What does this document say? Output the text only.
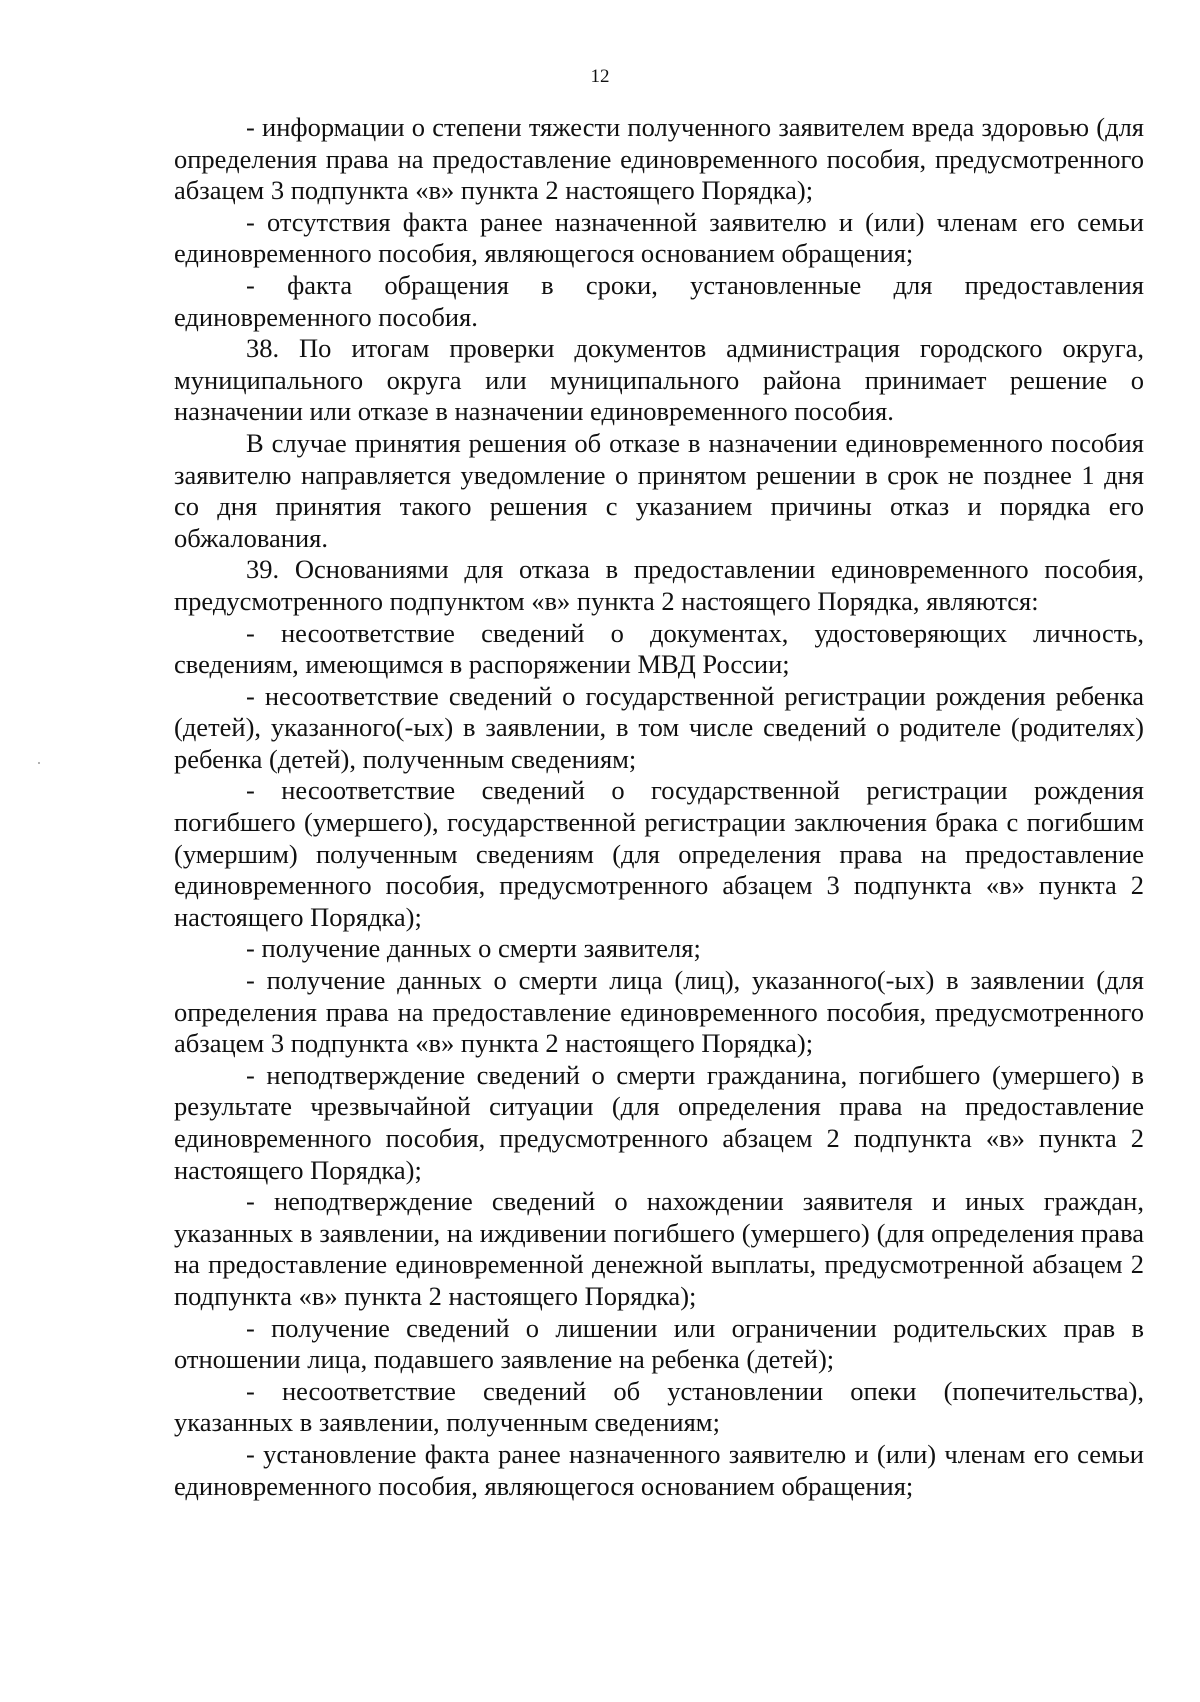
12

- информации о степени тяжести полученного заявителем вреда здоровью (для определения права на предоставление единовременного пособия, предусмотренного абзацем 3 подпункта «в» пункта 2 настоящего Порядка);

- отсутствия факта ранее назначенной заявителю и (или) членам его семьи единовременного пособия, являющегося основанием обращения;

- факта обращения в сроки, установленные для предоставления единовременного пособия.

38. По итогам проверки документов администрация городского округа, муниципального округа или муниципального района принимает решение о назначении или отказе в назначении единовременного пособия.

В случае принятия решения об отказе в назначении единовременного пособия заявителю направляется уведомление о принятом решении в срок не позднее 1 дня со дня принятия такого решения с указанием причины отказ и порядка его обжалования.

39. Основаниями для отказа в предоставлении единовременного пособия, предусмотренного подпунктом «в» пункта 2 настоящего Порядка, являются:

- несоответствие сведений о документах, удостоверяющих личность, сведениям, имеющимся в распоряжении МВД России;

- несоответствие сведений о государственной регистрации рождения ребенка (детей), указанного(-ых) в заявлении, в том числе сведений о родителе (родителях) ребенка (детей), полученным сведениям;

- несоответствие сведений о государственной регистрации рождения погибшего (умершего), государственной регистрации заключения брака с погибшим (умершим) полученным сведениям (для определения права на предоставление единовременного пособия, предусмотренного абзацем 3 подпункта «в» пункта 2 настоящего Порядка);

- получение данных о смерти заявителя;

- получение данных о смерти лица (лиц), указанного(-ых) в заявлении (для определения права на предоставление единовременного пособия, предусмотренного абзацем 3 подпункта «в» пункта 2 настоящего Порядка);

- неподтверждение сведений о смерти гражданина, погибшего (умершего) в результате чрезвычайной ситуации (для определения права на предоставление единовременного пособия, предусмотренного абзацем 2 подпункта «в» пункта 2 настоящего Порядка);

- неподтверждение сведений о нахождении заявителя и иных граждан, указанных в заявлении, на иждивении погибшего (умершего) (для определения права на предоставление единовременной денежной выплаты, предусмотренной абзацем 2 подпункта «в» пункта 2 настоящего Порядка);

- получение сведений о лишении или ограничении родительских прав в отношении лица, подавшего заявление на ребенка (детей);

- несоответствие сведений об установлении опеки (попечительства), указанных в заявлении, полученным сведениям;

- установление факта ранее назначенного заявителю и (или) членам его семьи единовременного пособия, являющегося основанием обращения;
